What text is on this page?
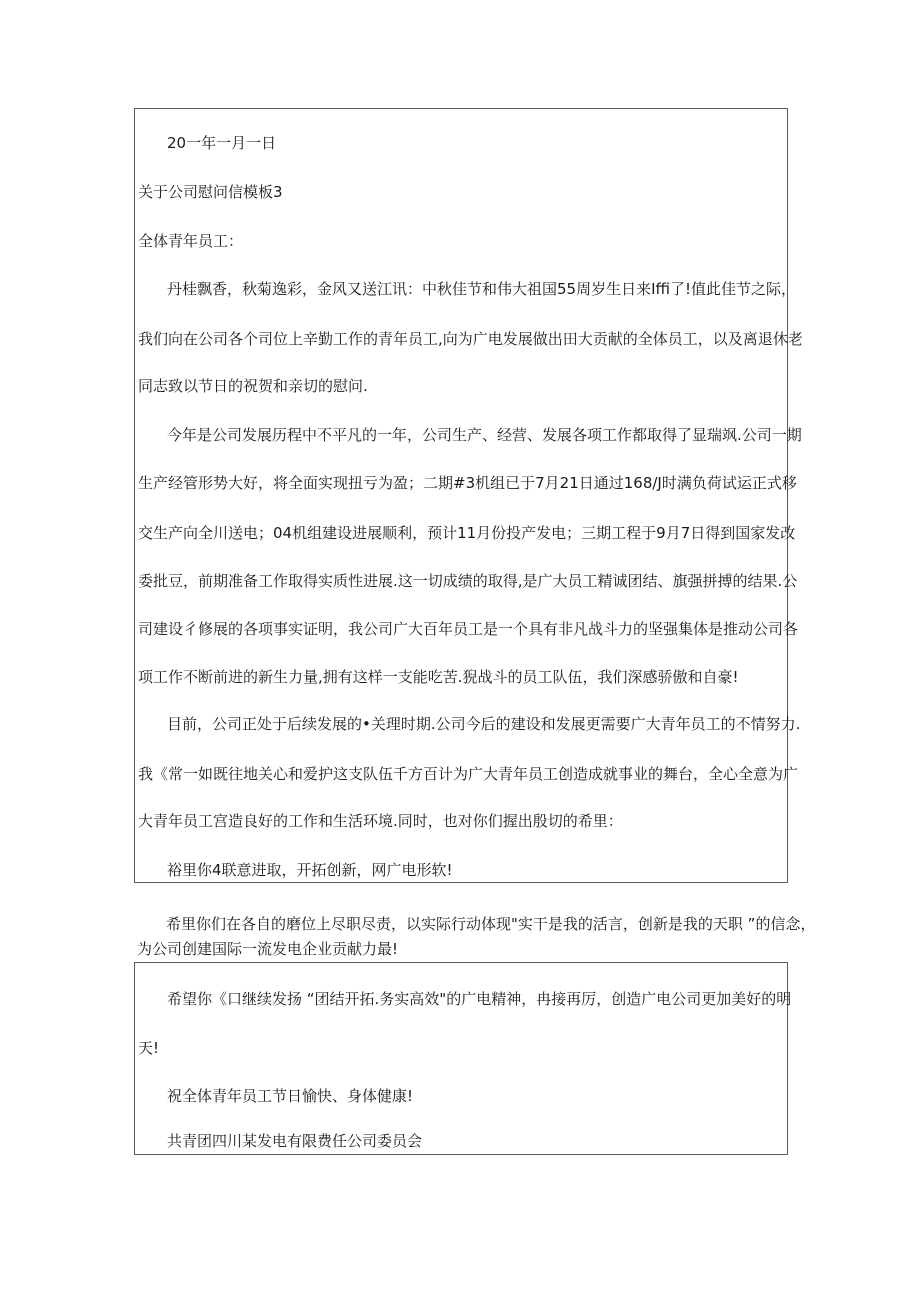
20一年一月一日
关于公司慰问信模板3
全体青年员工：
丹桂飘香，秋菊逸彩，金风又送江讯：中秋佳节和伟大祖国55周岁生日来Iffi了!值此佳节之际，
我们向在公司各个司位上辛勤工作的青年员工,向为广电发展做出田大贡献的全体员工，以及离退休老
同志致以节日的祝贺和亲切的慰问.
今年是公司发展历程中不平凡的一年，公司生产、经营、发展各项工作都取得了显瑞飒.公司一期
生产经管形势大好，将全面实现扭亏为盈；二期#3机组已于7月21日通过168/J时满负荷试运正式移
交生产向全川送电；04机组建设进展顺利，预计11月份投产发电；三期工程于9月7日得到国家发改
委批豆，前期准备工作取得实质性进展.这一切成绩的取得,是广大员工精诚团结、旗强拼搏的结果.公
司建设彳修展的各项事实证明，我公司广大百年员工是一个具有非凡战斗力的坚强集体是推动公司各
项工作不断前进的新生力量,拥有这样一支能吃苦.猊战斗的员工队伍，我们深感骄傲和自豪!
目前，公司正处于后续发展的•关理时期.公司今后的建设和发展更需要广大青年员工的不情努力.
我《常一如既往地关心和爱护这支队伍千方百计为广大青年员工创造成就事业的舞台，全心全意为广
大青年员工宫造良好的工作和生活环境.同时，也对你们握出殷切的希里：
裕里你4联意进取，开拓创新，网广电形软!
希里你们在各自的磨位上尽职尽责，以实际行动体现"实干是我的活言，创新是我的天职 ”的信念，
为公司创建国际一流发电企业贡献力最!
希望你《口继续发扬 “团结开拓.务实高效"的广电精神，冉接再厉，创造广电公司更加美好的明
天!
祝全体青年员工节日愉快、身体健康!
共青团四川某发电有限费任公司委员会
